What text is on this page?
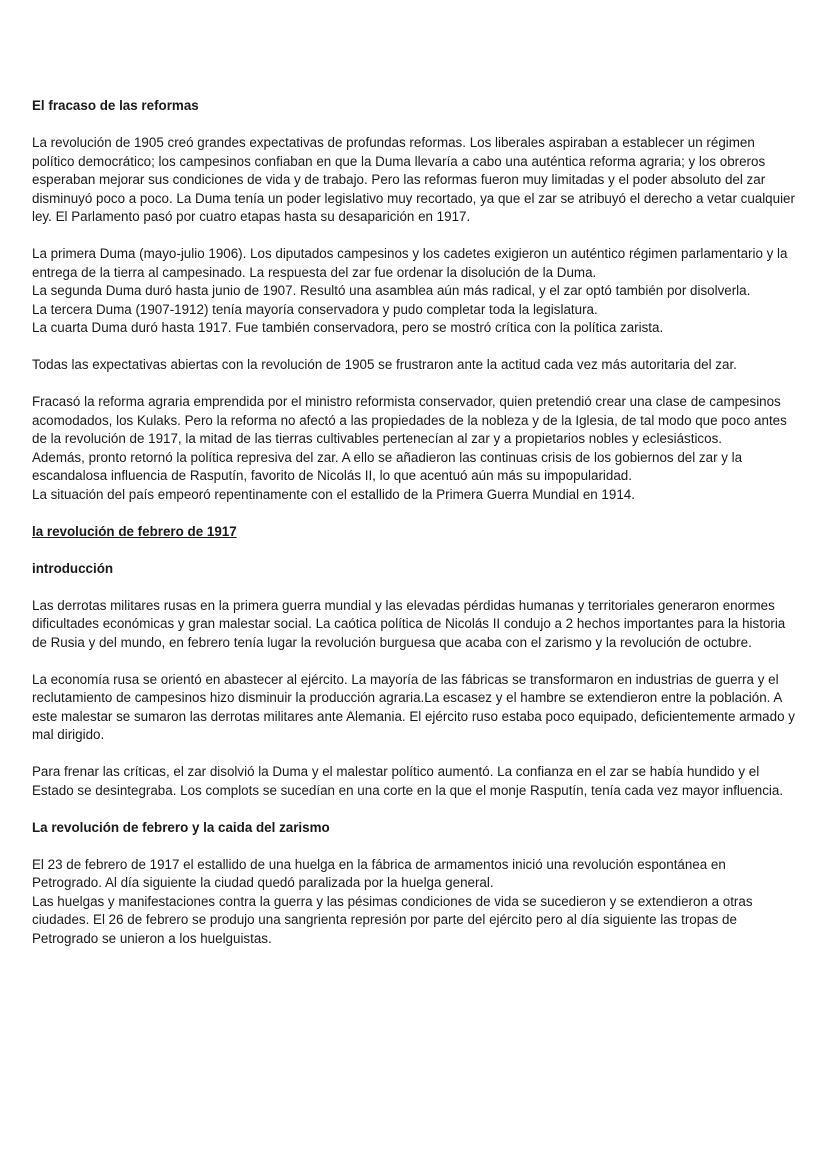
El fracaso de las reformas

La revolución de 1905 creó grandes expectativas de profundas reformas. Los liberales aspiraban a establecer un régimen político democrático; los campesinos confiaban en que la Duma llevaría a cabo una auténtica reforma agraria; y los obreros esperaban mejorar sus condiciones de vida y de trabajo. Pero las reformas fueron muy limitadas y el poder absoluto del zar disminuyó poco a poco. La Duma tenía un poder legislativo muy recortado, ya que el zar se atribuyó el derecho a vetar cualquier ley. El Parlamento pasó por cuatro etapas hasta su desaparición en 1917.

La primera Duma (mayo-julio 1906). Los diputados campesinos y los cadetes exigieron un auténtico régimen parlamentario y la entrega de la tierra al campesinado. La respuesta del zar fue ordenar la disolución de la Duma.
La segunda Duma duró hasta junio de 1907. Resultó una asamblea aún más radical, y el zar optó también por disolverla.
La tercera Duma (1907-1912) tenía mayoría conservadora y pudo completar toda la legislatura.
La cuarta Duma duró hasta 1917. Fue también conservadora, pero se mostró crítica con la política zarista.

Todas las expectativas abiertas con la revolución de 1905 se frustraron ante la actitud cada vez más autoritaria del zar.

Fracasó la reforma agraria emprendida por el ministro reformista conservador, quien pretendió crear una clase de campesinos acomodados, los Kulaks. Pero la reforma no afectó a las propiedades de la nobleza y de la Iglesia, de tal modo que poco antes de la revolución de 1917, la mitad de las tierras cultivables pertenecían al zar y a propietarios nobles y eclesiásticos.
Además, pronto retornó la política represiva del zar. A ello se añadieron las continuas crisis de los gobiernos del zar y la escandalosa influencia de Rasputín, favorito de Nicolás II, lo que acentuó aún más su impopularidad.
La situación del país empeoró repentinamente con el estallido de la Primera Guerra Mundial en 1914.

la revolución de febrero de 1917
introducción

Las derrotas militares rusas en la primera guerra mundial y las elevadas pérdidas humanas y territoriales generaron enormes dificultades económicas y gran malestar social. La caótica política de Nicolás II condujo a 2 hechos importantes para la historia de Rusia y del mundo, en febrero tenía lugar la revolución burguesa que acaba con el zarismo y la revolución de octubre.

La economía rusa se orientó en abastecer al ejército. La mayoría de las fábricas se transformaron en industrias de guerra y el reclutamiento de campesinos hizo disminuir la producción agraria.La escasez y el hambre se extendieron entre la población. A este malestar se sumaron las derrotas militares ante Alemania. El ejército ruso estaba poco equipado, deficientemente armado y mal dirigido.

Para frenar las críticas, el zar disolvió la Duma y el malestar político aumentó. La confianza en el zar se había hundido y el Estado se desintegraba. Los complots se sucedían en una corte en la que el monje Rasputín, tenía cada vez mayor influencia.

La revolución de febrero y la caida del zarismo

El 23 de febrero de 1917 el estallido de una huelga en la fábrica de armamentos inició una revolución espontánea en Petrogrado. Al día siguiente la ciudad quedó paralizada por la huelga general.
Las huelgas y manifestaciones contra la guerra y las pésimas condiciones de vida se sucedieron y se extendieron a otras ciudades. El 26 de febrero se produjo una sangrienta represión por parte del ejército pero al día siguiente las tropas de Petrogrado se unieron a los huelguistas.
